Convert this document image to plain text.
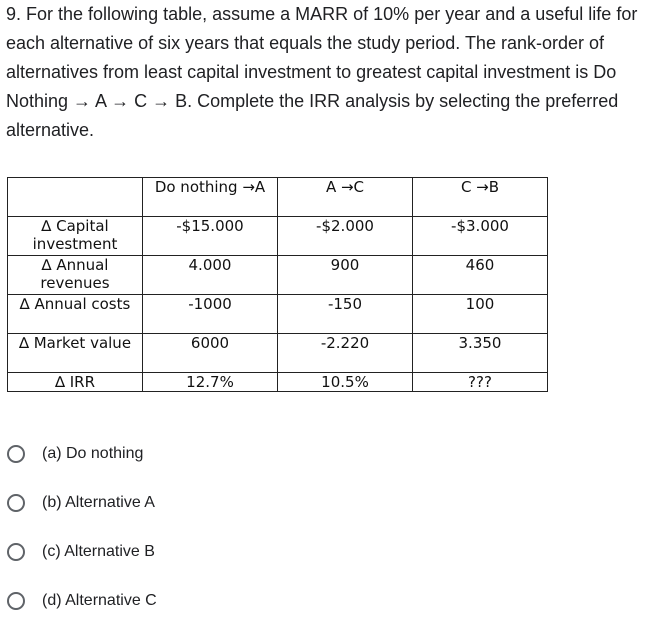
9. For the following table, assume a MARR of 10% per year and a useful life for each alternative of six years that equals the study period. The rank-order of alternatives from least capital investment to greatest capital investment is Do Nothing → A → C → B. Complete the IRR analysis by selecting the preferred alternative.
	Do nothing →A	A →C	C →B
∆ Capital investment	-$15.000	-$2.000	-$3.000
∆ Annual revenues	4.000	900	460
∆ Annual costs	-1000	-150	100
∆ Market value	6000	-2.220	3.350
∆ IRR	12.7%	10.5%	???
(a) Do nothing
(b) Alternative A
(c) Alternative B
(d) Alternative C
